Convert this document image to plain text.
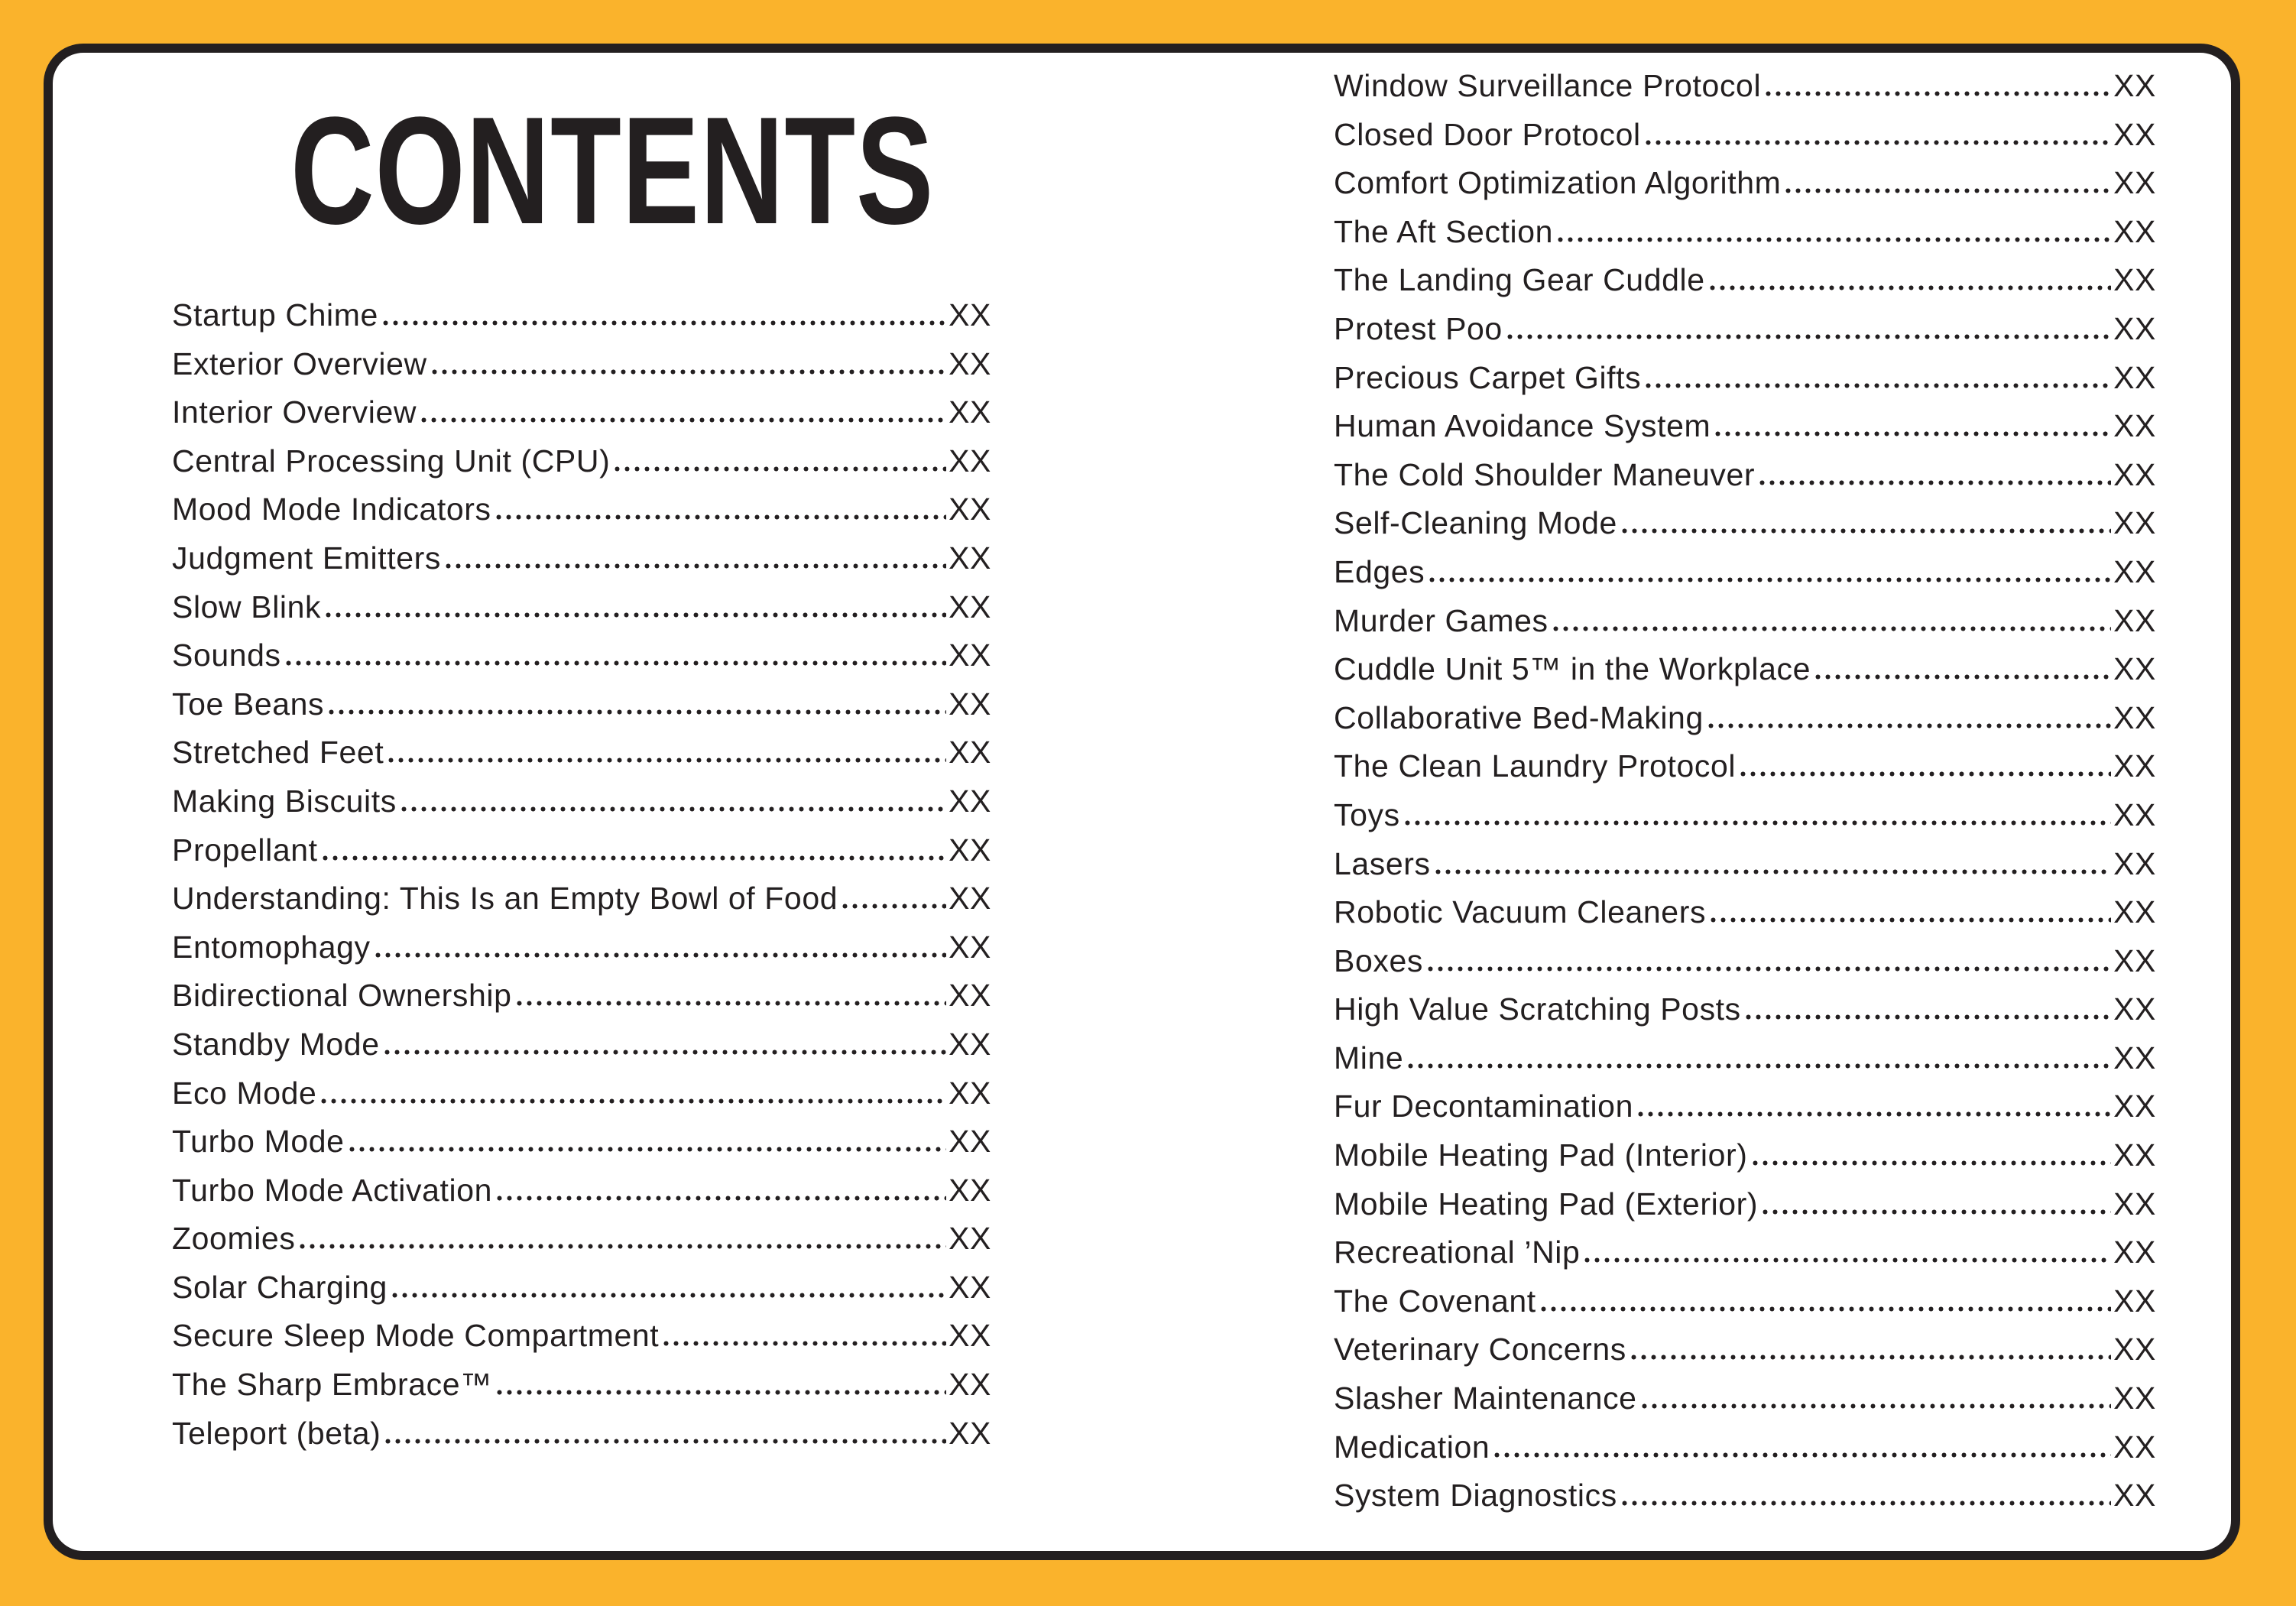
CONTENTS
Startup Chime	XX
Exterior Overview	XX
Interior Overview	XX
Central Processing Unit (CPU)	XX
Mood Mode Indicators	XX
Judgment Emitters	XX
Slow Blink	XX
Sounds	XX
Toe Beans	XX
Stretched Feet	XX
Making Biscuits	XX
Propellant	XX
Understanding: This Is an Empty Bowl of Food	XX
Entomophagy	XX
Bidirectional Ownership	XX
Standby Mode	XX
Eco Mode	XX
Turbo Mode	XX
Turbo Mode Activation	XX
Zoomies	XX
Solar Charging	XX
Secure Sleep Mode Compartment	XX
The Sharp Embrace™	XX
Teleport (beta)	XX
Window Surveillance Protocol	XX
Closed Door Protocol	XX
Comfort Optimization Algorithm	XX
The Aft Section	XX
The Landing Gear Cuddle	XX
Protest Poo	XX
Precious Carpet Gifts	XX
Human Avoidance System	XX
The Cold Shoulder Maneuver	XX
Self-Cleaning Mode	XX
Edges	XX
Murder Games	XX
Cuddle Unit 5™ in the Workplace	XX
Collaborative Bed-Making	XX
The Clean Laundry Protocol	XX
Toys	XX
Lasers	XX
Robotic Vacuum Cleaners	XX
Boxes	XX
High Value Scratching Posts	XX
Mine	XX
Fur Decontamination	XX
Mobile Heating Pad (Interior)	XX
Mobile Heating Pad (Exterior)	XX
Recreational ’Nip	XX
The Covenant	XX
Veterinary Concerns	XX
Slasher Maintenance	XX
Medication	XX
System Diagnostics	XX
